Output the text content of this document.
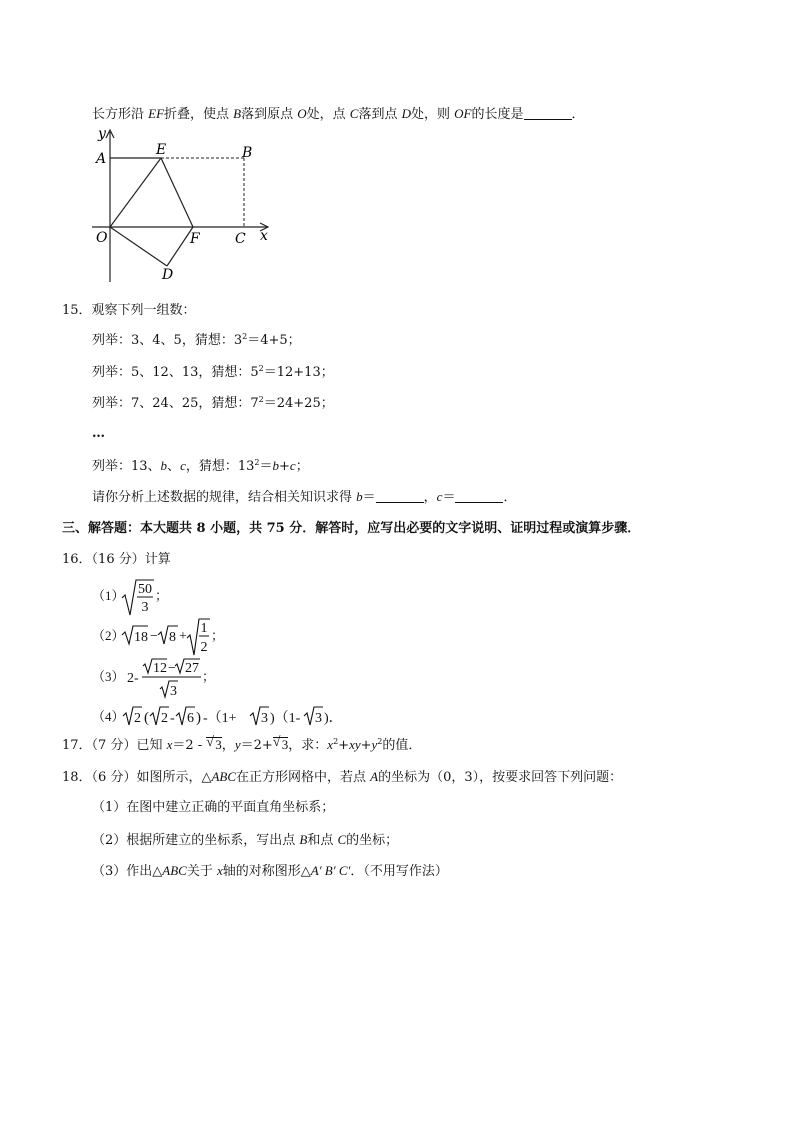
长方形沿 EF折叠，使点 B落到原点 O处，点 C落到点 D处，则 OF的长度是	．
y
x
A
E	B
O	F	C
D
15．观察下列一组数：
列举：3、4、5，猜想：$3^2=4+5$；
列举：5、12、13，猜想：$5^2=12+13$；
列举：7、24、25，猜想：$7^2=24+25$；
…
列举：13、b、c，猜想：$13^2=b+c$；
请你分析上述数据的规律，结合相关知识求得 b＝	，c＝	．
三、解答题：本大题共 8 小题，共 75 分．解答时，应写出必要的文字说明、证明过程或演算步骤．
16．（16 分）计算
（1） 50
3
；
（2） 18 − 8 +
1
2
；
（3） 2-
12 − 27
3
；
（4） 2 ( 2 - 6 ) -（1+ 3 )（1- 3 )．
17．（7 分）已知 x＝2 - √ 3，y＝2+ √ 3，求：$x^2+xy+y^2$的值．
18．（6 分）如图所示，△ABC在正方形网格中，若点 A的坐标为（0，3），按要求回答下列问题：
（1）在图中建立正确的平面直角坐标系；
（2）根据所建立的坐标系，写出点 B和点 C的坐标；
（3）作出△ABC关于 x轴的对称图形△A′ B′ C′．（不用写作法）
